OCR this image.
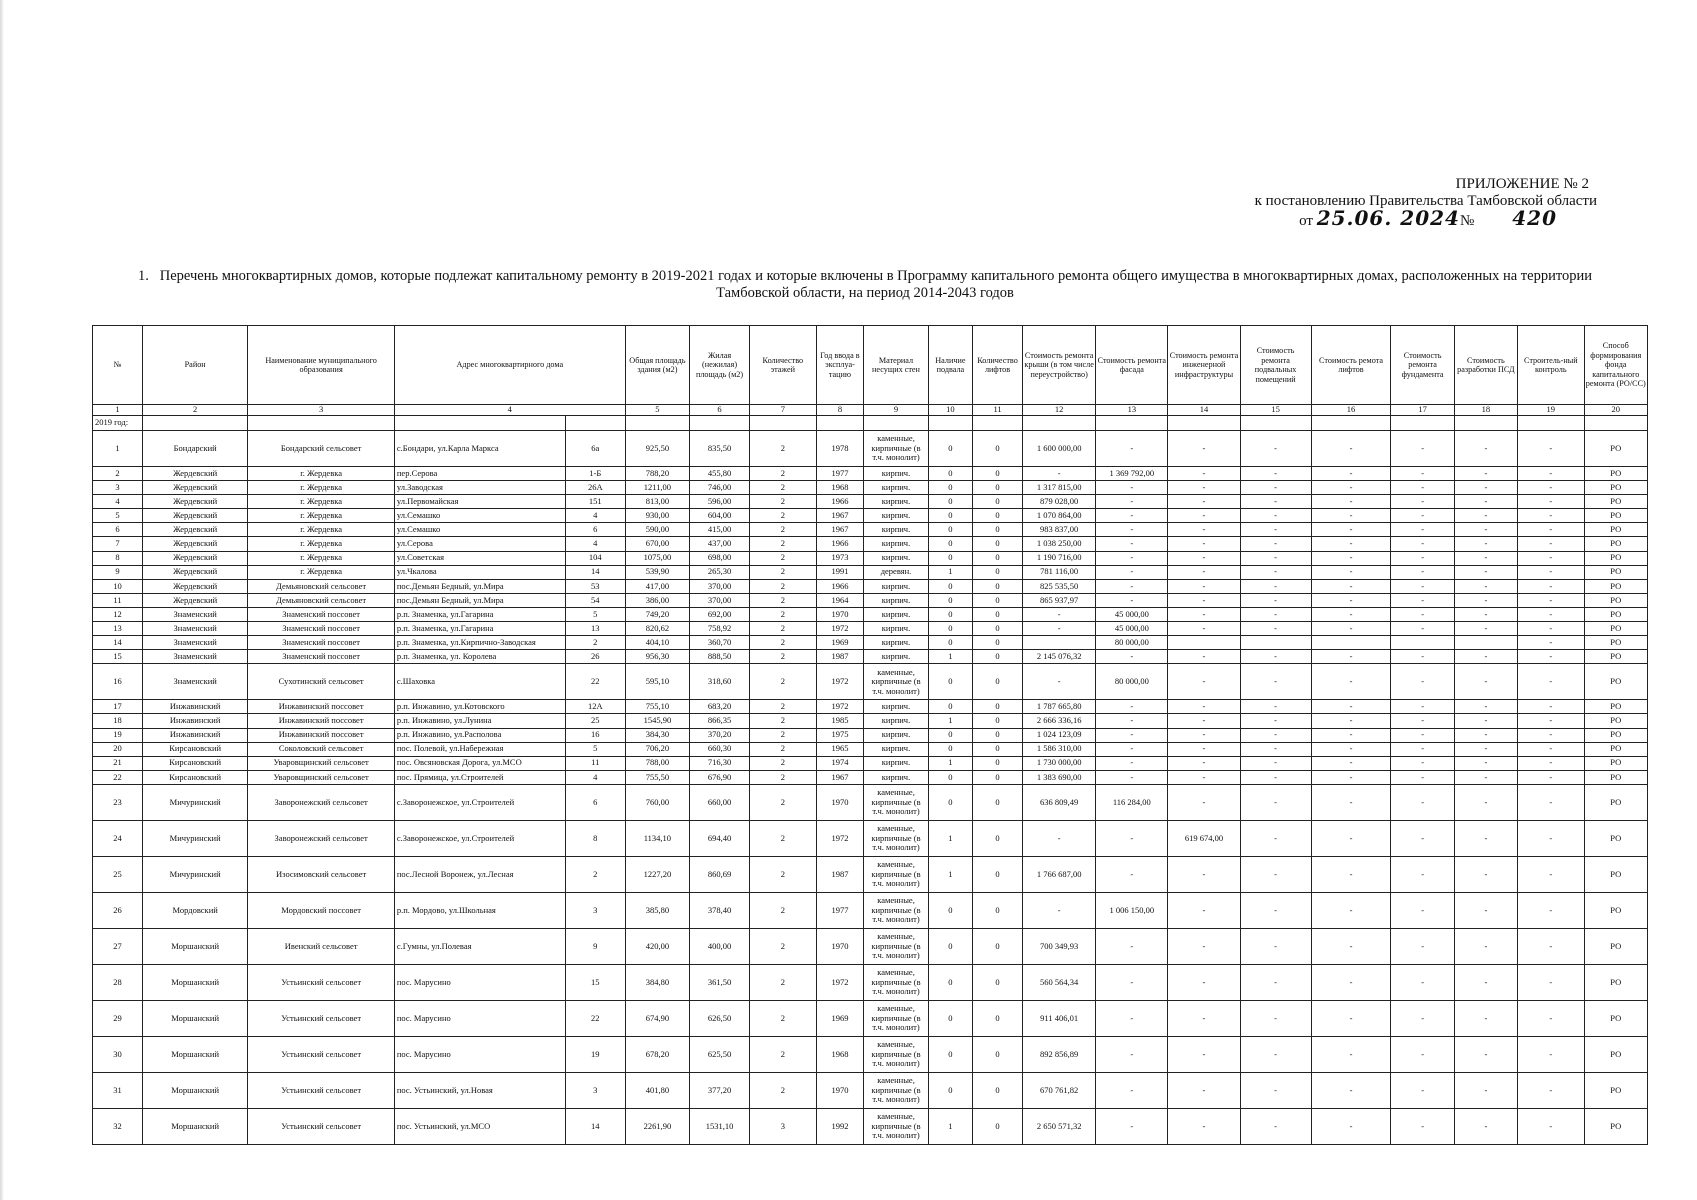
ПРИЛОЖЕНИЕ № 2
к постановлению Правительства Тамбовской области
от 25.06. 2024№ 420
1. Перечень многоквартирных домов, которые подлежат капитальному ремонту в 2019-2021 годах и которые включены в Программу капитального ремонта общего имущества в многоквартирных домах, расположенных на территории Тамбовской области, на период 2014-2043 годов
№	Район	Наименование муниципального образования	Адрес многоквартирного дома		Общая площадь здания (м2)	Жилая (нежилая) площадь (м2)	Количество этажей	Год ввода в эксплуа-тацию	Материал несущих стен	Наличие подвала	Количество лифтов	Стоимость ремонта крыши (в том числе переустройство)	Стоимость ремонта фасада	Стоимость ремонта инженерной инфраструктуры	Стоимость ремонта подвальных помещений	Стоимость ремота лифтов	Стоимость ремонта фундамента	Стоимость разработки ПСД	Строитель-ный контроль	Способ формирования фонда капитального ремонта (РО/СС)
1	2	3	4		5	6	7	8	9	10	11	12	13	14	15	16	17	18	19	20
2019 год:																				
1	Бондарский	Бондарский сельсовет	с.Бондари, ул.Карла Маркса	6а	925,50	835,50	2	1978	каменные, кирпичные (в т.ч. монолит)	0	0	1 600 000,00	-	-	-	-	-	-	-	РО
2	Жердевский	г. Жердевка	пер.Серова	1-Б	788,20	455,80	2	1977	кирпич.	0	0	-	1 369 792,00	-	-	-	-	-	-	РО
3	Жердевский	г. Жердевка	ул.Заводская	26А	1211,00	746,00	2	1968	кирпич.	0	0	1 317 815,00	-	-	-	-	-	-	-	РО
4	Жердевский	г. Жердевка	ул.Первомайская	151	813,00	596,00	2	1966	кирпич.	0	0	879 028,00	-	-	-	-	-	-	-	РО
5	Жердевский	г. Жердевка	ул.Семашко	4	930,00	604,00	2	1967	кирпич.	0	0	1 070 864,00	-	-	-	-	-	-	-	РО
6	Жердевский	г. Жердевка	ул.Семашко	6	590,00	415,00	2	1967	кирпич.	0	0	983 837,00	-	-	-	-	-	-	-	РО
7	Жердевский	г. Жердевка	ул.Серова	4	670,00	437,00	2	1966	кирпич.	0	0	1 038 250,00	-	-	-	-	-	-	-	РО
8	Жердевский	г. Жердевка	ул.Советская	104	1075,00	698,00	2	1973	кирпич.	0	0	1 190 716,00	-	-	-	-	-	-	-	РО
9	Жердевский	г. Жердевка	ул.Чкалова	14	539,90	265,30	2	1991	деревян.	1	0	781 116,00	-	-	-	-	-	-	-	РО
10	Жердевский	Демьяновский сельсовет	пос.Демьян Бедный, ул.Мира	53	417,00	370,00	2	1966	кирпич.	0	0	825 535,50	-	-	-	-	-	-	-	РО
11	Жердевский	Демьяновский сельсовет	пос.Демьян Бедный, ул.Мира	54	386,00	370,00	2	1964	кирпич.	0	0	865 937,97	-	-	-	-	-	-	-	РО
12	Знаменский	Знаменский поссовет	р.п. Знаменка, ул.Гагарина	5	749,20	692,00	2	1970	кирпич.	0	0	-	45 000,00	-	-	-	-	-	-	РО
13	Знаменский	Знаменский поссовет	р.п. Знаменка, ул.Гагарина	13	820,62	758,92	2	1972	кирпич.	0	0	-	45 000,00	-	-	-	-	-	-	РО
14	Знаменский	Знаменский поссовет	р.п. Знаменка, ул.Кирпично-Заводская	2	404,10	360,70	2	1969	кирпич.	0	0		80 000,00						-	РО
15	Знаменский	Знаменский поссовет	р.п. Знаменка, ул. Королева	26	956,30	888,50	2	1987	кирпич.	1	0	2 145 076,32	-	-	-	-	-	-	-	РО
16	Знаменский	Сухотинский сельсовет	с.Шаховка	22	595,10	318,60	2	1972	каменные, кирпичные (в т.ч. монолит)	0	0	-	80 000,00	-	-	-	-	-	-	РО
17	Инжавинский	Инжавинский поссовет	р.п. Инжавино, ул.Котовского	12А	755,10	683,20	2	1972	кирпич.	0	0	1 787 665,80	-	-	-	-	-	-	-	РО
18	Инжавинский	Инжавинский поссовет	р.п. Инжавино, ул.Лунина	25	1545,90	866,35	2	1985	кирпич.	1	0	2 666 336,16	-	-	-	-	-	-	-	РО
19	Инжавинский	Инжавинский поссовет	р.п. Инжавино, ул.Располова	16	384,30	370,20	2	1975	кирпич.	0	0	1 024 123,09	-	-	-	-	-	-	-	РО
20	Кирсановский	Соколовский сельсовет	пос. Полевой, ул.Набережная	5	706,20	660,30	2	1965	кирпич.	0	0	1 586 310,00	-	-	-	-	-	-	-	РО
21	Кирсановский	Уваровщинский сельсовет	пос. Овсяновская Дорога, ул.МСО	11	788,00	716,30	2	1974	кирпич.	1	0	1 730 000,00	-	-	-	-	-	-	-	РО
22	Кирсановский	Уваровщинский сельсовет	пос. Прямица, ул.Строителей	4	755,50	676,90	2	1967	кирпич.	0	0	1 383 690,00	-	-	-	-	-	-	-	РО
23	Мичуринский	Заворонежский сельсовет	с.Заворонежское, ул.Строителей	6	760,00	660,00	2	1970	каменные, кирпичные (в т.ч. монолит)	0	0	636 809,49	116 284,00	-	-	-	-	-	-	РО
24	Мичуринский	Заворонежский сельсовет	с.Заворонежское, ул.Строителей	8	1134,10	694,40	2	1972	каменные, кирпичные (в т.ч. монолит)	1	0	-	-	619 674,00	-	-	-	-	-	РО
25	Мичуринский	Изосимовский сельсовет	пос.Лесной Воронеж, ул.Лесная	2	1227,20	860,69	2	1987	каменные, кирпичные (в т.ч. монолит)	1	0	1 766 687,00	-	-	-	-	-	-	-	РО
26	Мордовский	Мордовский поссовет	р.п. Мордово, ул.Школьная	3	385,80	378,40	2	1977	каменные, кирпичные (в т.ч. монолит)	0	0	-	1 006 150,00	-	-	-	-	-	-	РО
27	Моршанский	Ивенский сельсовет	с.Гумны, ул.Полевая	9	420,00	400,00	2	1970	каменные, кирпичные (в т.ч. монолит)	0	0	700 349,93	-	-	-	-	-	-	-	РО
28	Моршанский	Устьинский сельсовет	пос. Марусино	15	384,80	361,50	2	1972	каменные, кирпичные (в т.ч. монолит)	0	0	560 564,34	-	-	-	-	-	-	-	РО
29	Моршанский	Устьинский сельсовет	пос. Марусино	22	674,90	626,50	2	1969	каменные, кирпичные (в т.ч. монолит)	0	0	911 406,01	-	-	-	-	-	-	-	РО
30	Моршанский	Устьинский сельсовет	пос. Марусино	19	678,20	625,50	2	1968	каменные, кирпичные (в т.ч. монолит)	0	0	892 856,89	-	-	-	-	-	-	-	РО
31	Моршанский	Устьинский сельсовет	пос. Устьинский, ул.Новая	3	401,80	377,20	2	1970	каменные, кирпичные (в т.ч. монолит)	0	0	670 761,82	-	-	-	-	-	-	-	РО
32	Моршанский	Устьинский сельсовет	пос. Устьинский, ул.МСО	14	2261,90	1531,10	3	1992	каменные, кирпичные (в т.ч. монолит)	1	0	2 650 571,32	-	-	-	-	-	-	-	РО
